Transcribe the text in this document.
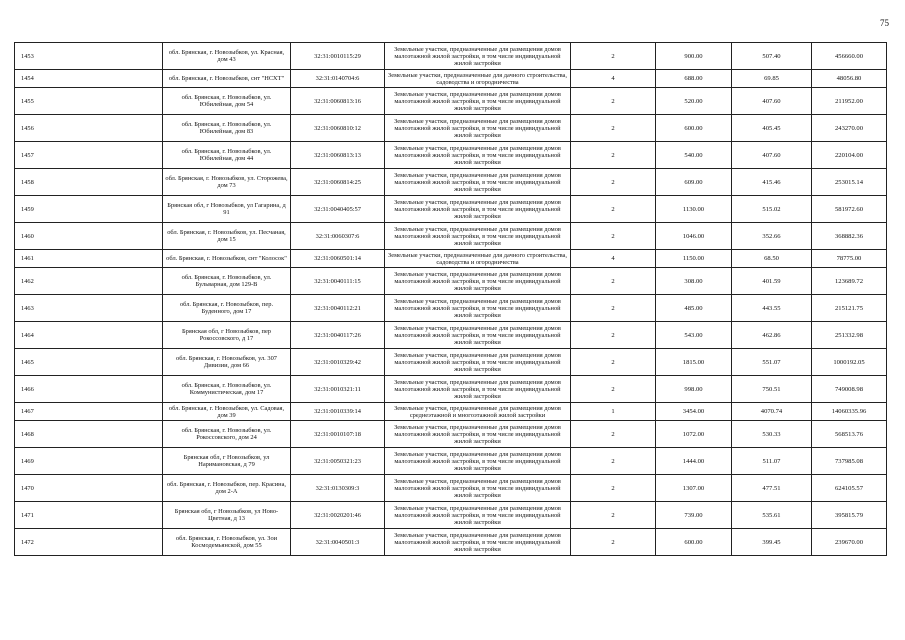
75
1453	обл. Брянская, г. Новозыбков, ул. Красная, дом 43	32:31:0010115:29	Земельные участки, предназначенные для размещения домов малоэтажной жилой застройки, в том числе индивидуальной жилой застройки	2	900.00	507.40	456660.00
1454	обл. Брянская, г. Новозыбков, снт "НСХТ"	32:31:0140704:6	Земельные участки, предназначенные для дачного строительства, садоводства и огородничества	4	688.00	69.85	48056.80
1455	обл. Брянская, г. Новозыбков, ул. Юбилейная, дом 54	32:31:0060813:16	Земельные участки, предназначенные для размещения домов малоэтажной жилой застройки, в том числе индивидуальной жилой застройки	2	520.00	407.60	211952.00
1456	обл. Брянская, г. Новозыбков, ул. Юбилейная, дом 83	32:31:0060810:12	Земельные участки, предназначенные для размещения домов малоэтажной жилой застройки, в том числе индивидуальной жилой застройки	2	600.00	405.45	243270.00
1457	обл. Брянская, г. Новозыбков, ул. Юбилейная, дом 44	32:31:0060813:13	Земельные участки, предназначенные для размещения домов малоэтажной жилой застройки, в том числе индивидуальной жилой застройки	2	540.00	407.60	220104.00
1458	обл. Брянская, г. Новозыбков, ул. Сторожева, дом 73	32:31:0060814:25	Земельные участки, предназначенные для размещения домов малоэтажной жилой застройки, в том числе индивидуальной жилой застройки	2	609.00	415.46	253015.14
1459	Брянская обл, г Новозыбков, ул Гагарина, д 91	32:31:0040405:57	Земельные участки, предназначенные для размещения домов малоэтажной жилой застройки, в том числе индивидуальной жилой застройки	2	1130.00	515.02	581972.60
1460	обл. Брянская, г. Новозыбков, ул. Песчаная, дом 15	32:31:0060307:6	Земельные участки, предназначенные для размещения домов малоэтажной жилой застройки, в том числе индивидуальной жилой застройки	2	1046.00	352.66	368882.36
1461	обл. Брянская, г. Новозыбков, снт "Колосок"	32:31:0060501:14	Земельные участки, предназначенные для дачного строительства, садоводства и огородничества	4	1150.00	68.50	78775.00
1462	обл. Брянская, г. Новозыбков, ул. Бульварная, дом 129-В	32:31:0040111:15	Земельные участки, предназначенные для размещения домов малоэтажной жилой застройки, в том числе индивидуальной жилой застройки	2	308.00	401.59	123689.72
1463	обл. Брянская, г. Новозыбков, пер. Буденного, дом 17	32:31:0040112:21	Земельные участки, предназначенные для размещения домов малоэтажной жилой застройки, в том числе индивидуальной жилой застройки	2	485.00	443.55	215121.75
1464	Брянская обл, г Новозыбков, пер Рокоссовского, д 17	32:31:0040117:26	Земельные участки, предназначенные для размещения домов малоэтажной жилой застройки, в том числе индивидуальной жилой застройки	2	543.00	462.86	251332.98
1465	обл. Брянская, г. Новозыбков, ул. 307 Дивизии, дом 66	32:31:0010329:42	Земельные участки, предназначенные для размещения домов малоэтажной жилой застройки, в том числе индивидуальной жилой застройки	2	1815.00	551.07	1000192.05
1466	обл. Брянская, г. Новозыбков, ул. Коммунистическая, дом 17	32:31:0010321:11	Земельные участки, предназначенные для размещения домов малоэтажной жилой застройки, в том числе индивидуальной жилой застройки	2	998.00	750.51	749008.98
1467	обл. Брянская, г. Новозыбков, ул. Садовая, дом 39	32:31:0010339:14	Земельные участки, предназначенные для размещения домов среднеэтажной и многоэтажной жилой застройки	1	3454.00	4070.74	14060335.96
1468	обл. Брянская, г. Новозыбков, ул. Рокоссовского, дом 24	32:31:0010107:18	Земельные участки, предназначенные для размещения домов малоэтажной жилой застройки, в том числе индивидуальной жилой застройки	2	1072.00	530.33	568513.76
1469	Брянская обл, г Новозыбков, ул Наримановская, д 79	32:31:0050321:23	Земельные участки, предназначенные для размещения домов малоэтажной жилой застройки, в том числе индивидуальной жилой застройки	2	1444.00	511.07	737985.08
1470	обл. Брянская, г. Новозыбков, пер. Красина, дом 2-А	32:31:0130309:3	Земельные участки, предназначенные для размещения домов малоэтажной жилой застройки, в том числе индивидуальной жилой застройки	2	1307.00	477.51	624105.57
1471	Брянская обл, г Новозыбков, ул Ново-Цветная, д 13	32:31:0020201:46	Земельные участки, предназначенные для размещения домов малоэтажной жилой застройки, в том числе индивидуальной жилой застройки	2	739.00	535.61	395815.79
1472	обл. Брянская, г. Новозыбков, ул. Зои Космодемьянской, дом 55	32:31:0040501:3	Земельные участки, предназначенные для размещения домов малоэтажной жилой застройки, в том числе индивидуальной жилой застройки	2	600.00	399.45	239670.00
